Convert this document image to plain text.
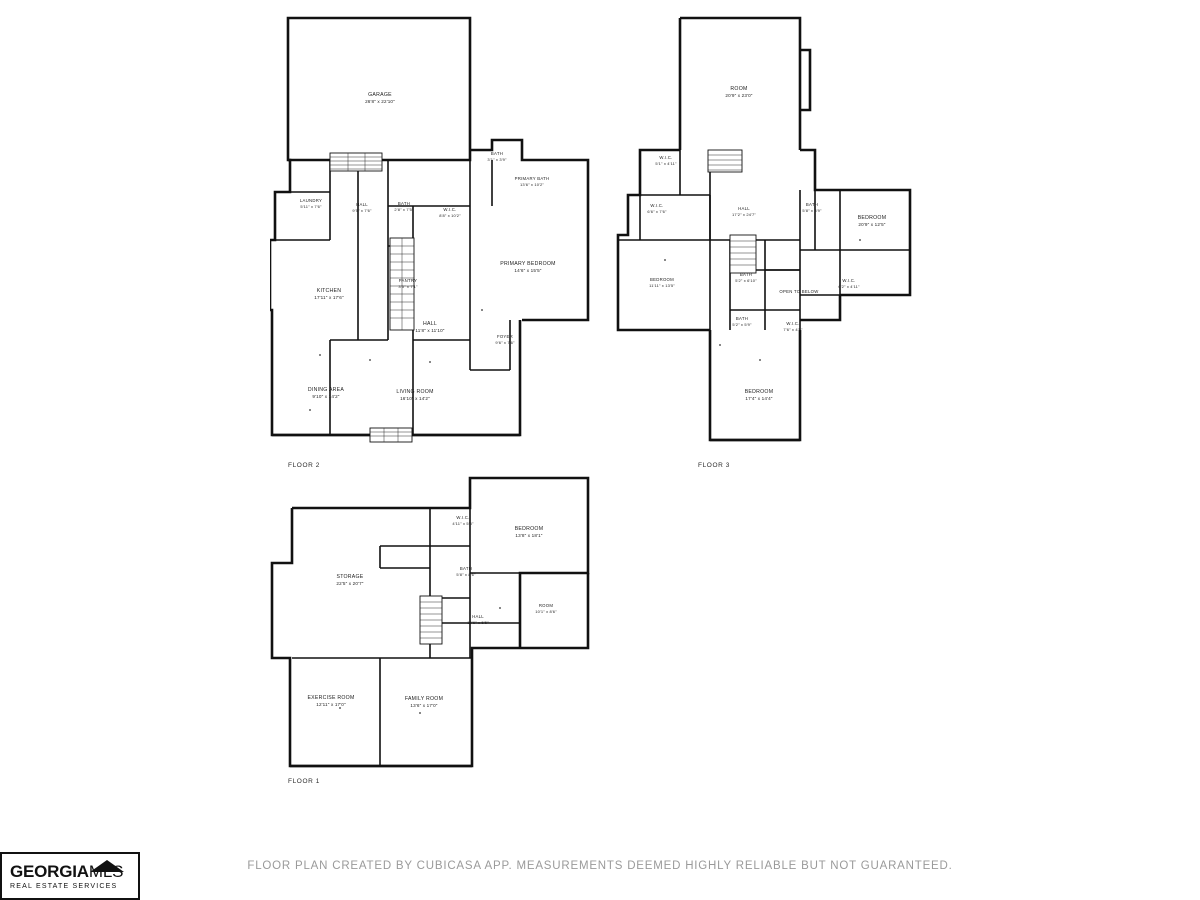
GARAGE
26'8" x 22'10"
BATH
3'1" x 3'9"
PRIMARY BATH
13'6" x 10'2"
LAUNDRY
5'11" x 7'6"	HALL
9'5" x 7'6"
BATH
2'8" x 7'5"	W.I.C.
8'8" x 10'2"
PRIMARY BEDROOM
14'6" x 15'5"
KITCHEN
17'11" x 17'6"
PANTRY
3'5" x 7'1"
HALL
11'8" x 11'10"
FOYER
9'6" x 7'6"
DINING AREA
9'10" x 14'2"
LIVING ROOM
16'10" x 14'2"
FLOOR 2
ROOM
20'9" x 23'0"
W.I.C.
5'1" x 4'11"
W.I.C.
6'6" x 7'6"
HALL
17'2" x 24'7"
BATH
5'8" x 8'9"
BEDROOM
20'9" x 12'5"
BEDROOM
11'11" x 13'5"
BATH
5'2" x 6'10"
OPEN TO BELOW
W.I.C.
6'2" x 4'11"
BATH
5'2" x 5'9"	W.I.C.
7'6" x 4'5"
BEDROOM
17'4" x 14'4"
FLOOR 3
W.I.C.
4'11" x 5'5"
BEDROOM
13'8" x 18'1"
BATH
5'8" x 8'6"
STORAGE
22'5" x 20'7"
ROOM
10'1" x 8'6"
HALL
10'6" x 5'5"
EXERCISE ROOM
12'11" x 17'0"
FAMILY ROOM
13'6" x 17'0"
FLOOR 1
FLOOR PLAN CREATED BY CUBICASA APP. MEASUREMENTS DEEMED HIGHLY RELIABLE BUT NOT GUARANTEED.
GEORGIAMLS
REAL ESTATE SERVICES
